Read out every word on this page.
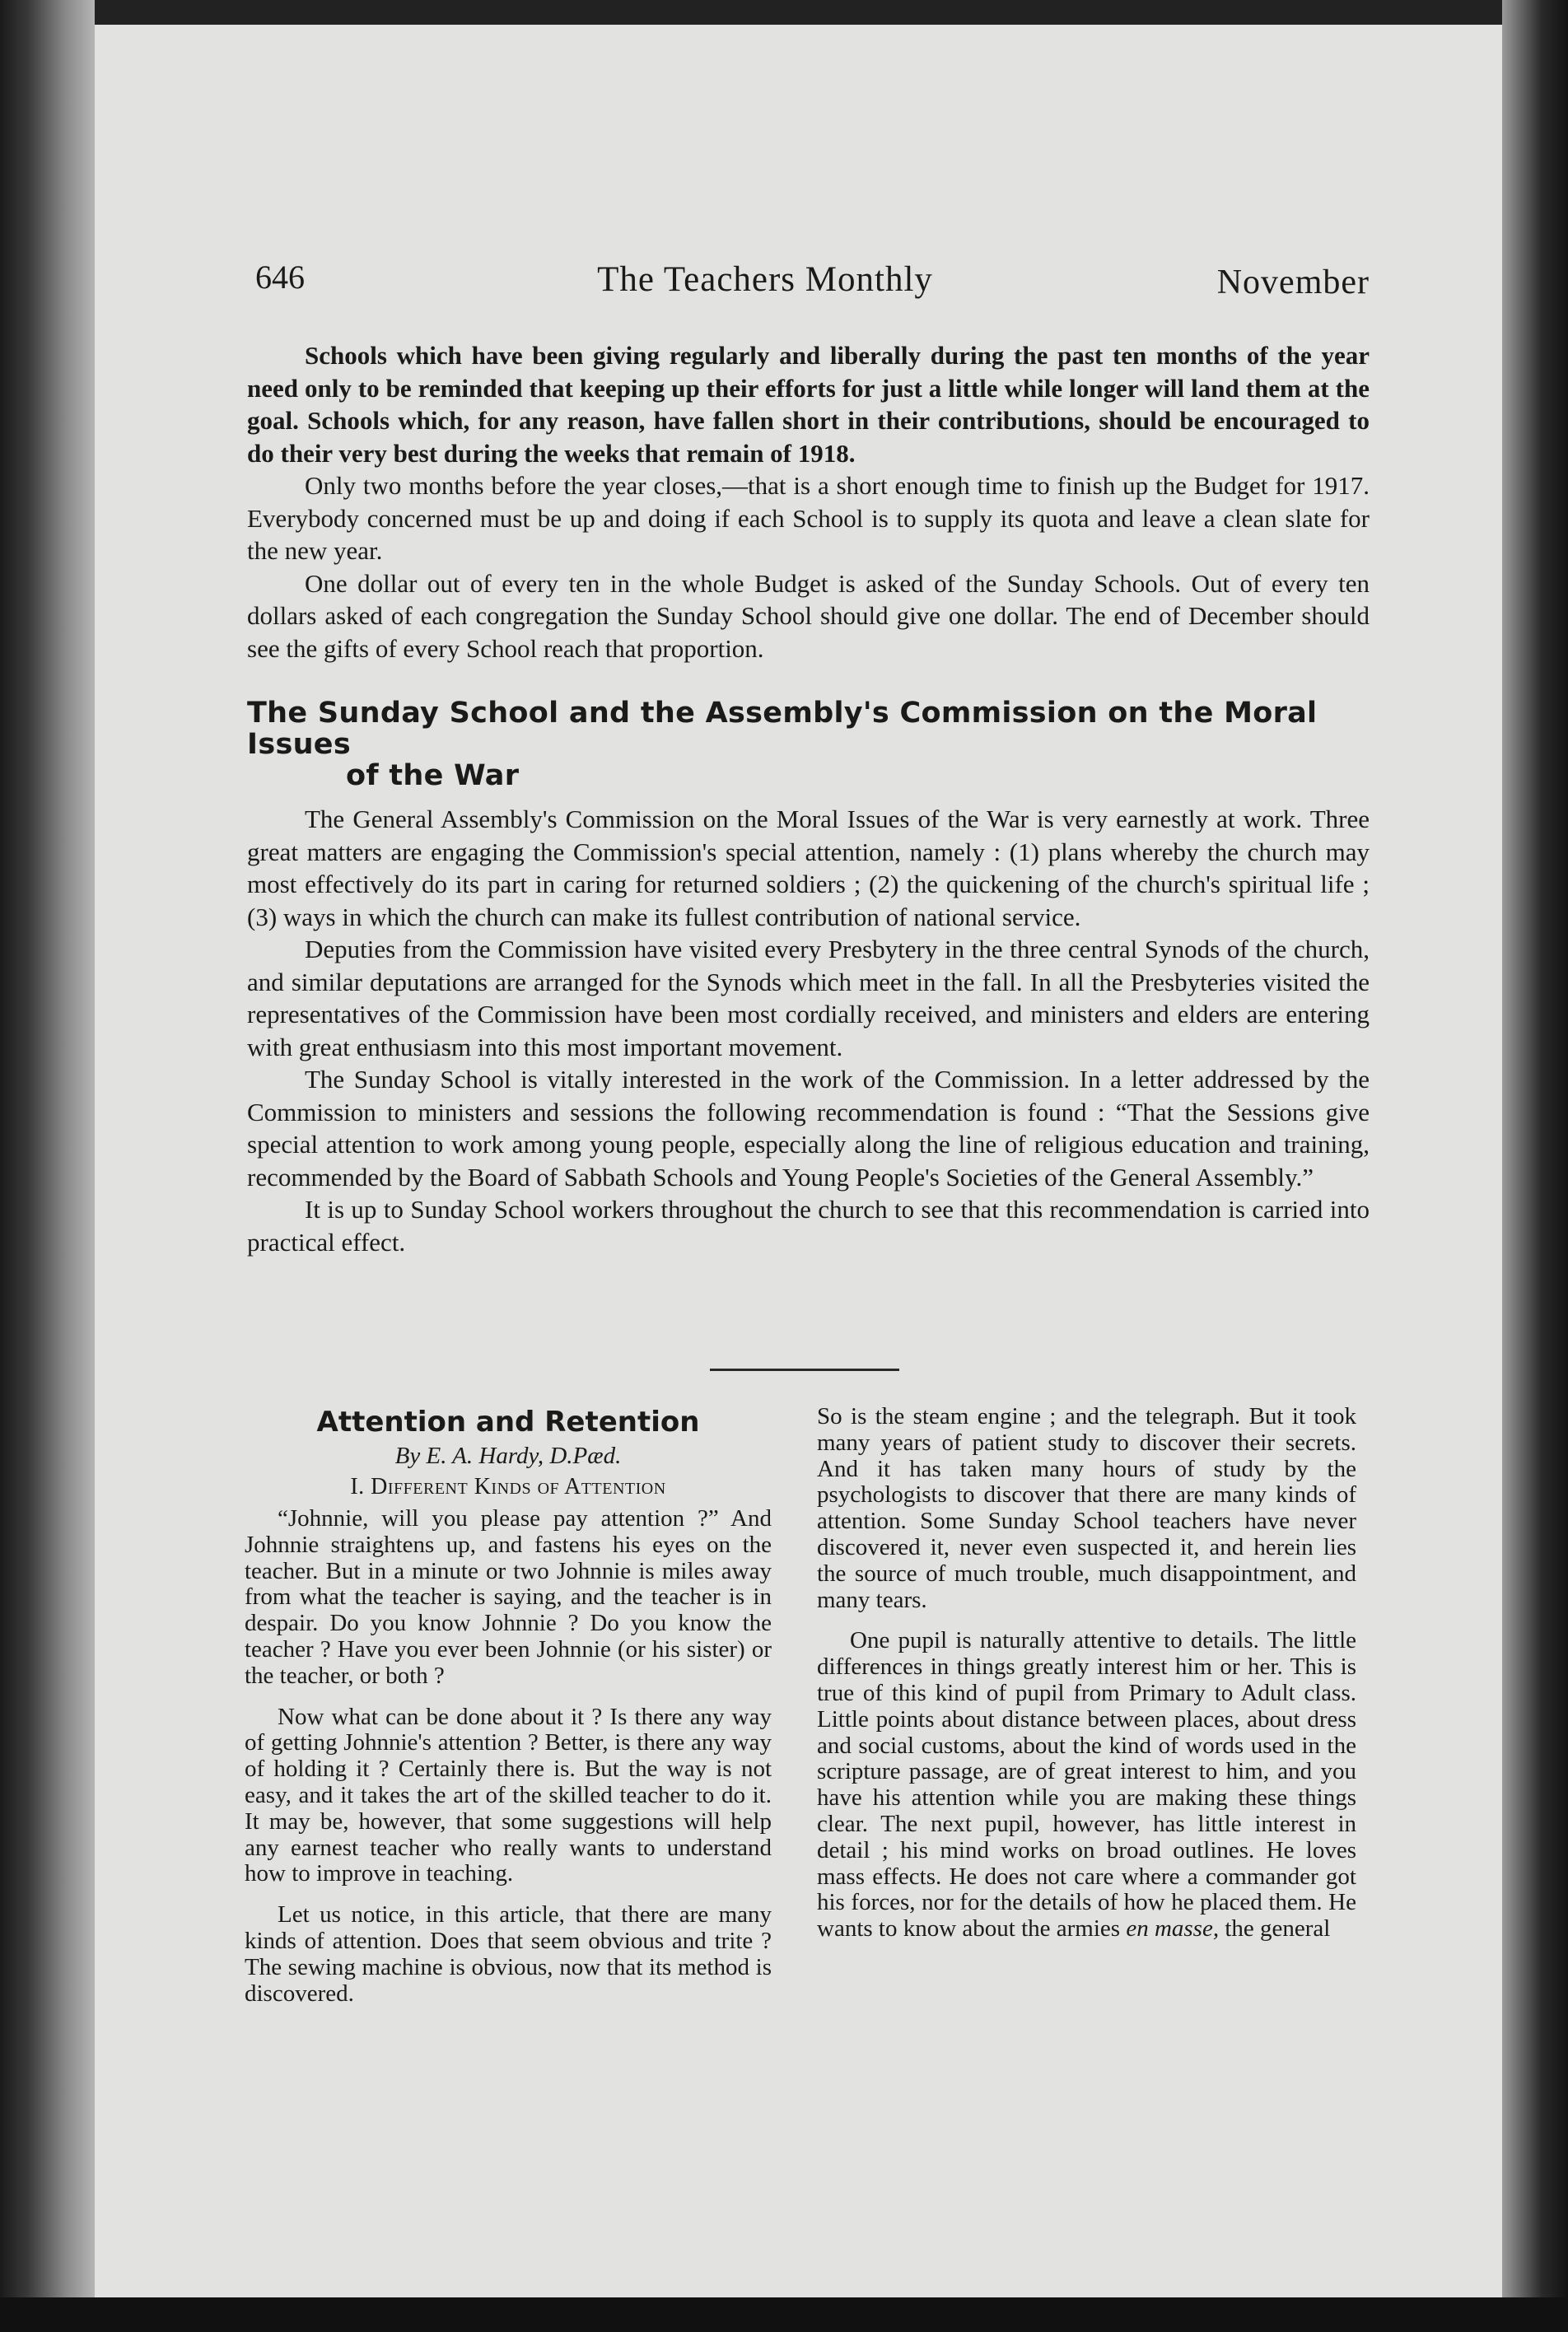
646	The Teachers Monthly	November

Schools which have been giving regularly and liberally during the past ten months of the year need only to be reminded that keeping up their efforts for just a little while longer will land them at the goal. Schools which, for any reason, have fallen short in their contributions, should be encouraged to do their very best during the weeks that remain of 1918.

Only two months before the year closes,—that is a short enough time to finish up the Budget for 1917. Everybody concerned must be up and doing if each School is to supply its quota and leave a clean slate for the new year.

One dollar out of every ten in the whole Budget is asked of the Sunday Schools. Out of every ten dollars asked of each congregation the Sunday School should give one dollar. The end of December should see the gifts of every School reach that proportion.

The Sunday School and the Assembly's Commission on the Moral Issues
of the War

The General Assembly's Commission on the Moral Issues of the War is very earnestly at work. Three great matters are engaging the Commission's special attention, namely : (1) plans whereby the church may most effectively do its part in caring for returned soldiers ; (2) the quickening of the church's spiritual life ; (3) ways in which the church can make its fullest contribution of national service.

Deputies from the Commission have visited every Presbytery in the three central Synods of the church, and similar deputations are arranged for the Synods which meet in the fall. In all the Presbyteries visited the representatives of the Commission have been most cordially received, and ministers and elders are entering with great enthusiasm into this most important movement.

The Sunday School is vitally interested in the work of the Commission. In a letter addressed by the Commission to ministers and sessions the following recommendation is found : “That the Sessions give special attention to work among young people, especially along the line of religious education and training, recommended by the Board of Sabbath Schools and Young People's Societies of the General Assembly.”

It is up to Sunday School workers throughout the church to see that this recommendation is carried into practical effect.

Attention and Retention

By E. A. Hardy, D.Pæd.

I. Different Kinds of Attention

“Johnnie, will you please pay attention ?” And Johnnie straightens up, and fastens his eyes on the teacher. But in a minute or two Johnnie is miles away from what the teacher is saying, and the teacher is in despair. Do you know Johnnie ? Do you know the teacher ? Have you ever been Johnnie (or his sister) or the teacher, or both ?

Now what can be done about it ? Is there any way of getting Johnnie's attention ? Better, is there any way of holding it ? Certainly there is. But the way is not easy, and it takes the art of the skilled teacher to do it. It may be, however, that some suggestions will help any earnest teacher who really wants to understand how to improve in teaching.

Let us notice, in this article, that there are many kinds of attention. Does that seem obvious and trite ? The sewing machine is obvious, now that its method is discovered.

So is the steam engine ; and the telegraph. But it took many years of patient study to discover their secrets. And it has taken many hours of study by the psychologists to discover that there are many kinds of attention. Some Sunday School teachers have never discovered it, never even suspected it, and herein lies the source of much trouble, much disappointment, and many tears.

One pupil is naturally attentive to details. The little differences in things greatly interest him or her. This is true of this kind of pupil from Primary to Adult class. Little points about distance between places, about dress and social customs, about the kind of words used in the scripture passage, are of great interest to him, and you have his attention while you are making these things clear. The next pupil, however, has little interest in detail ; his mind works on broad outlines. He loves mass effects. He does not care where a commander got his forces, nor for the details of how he placed them. He wants to know about the armies en masse, the general
